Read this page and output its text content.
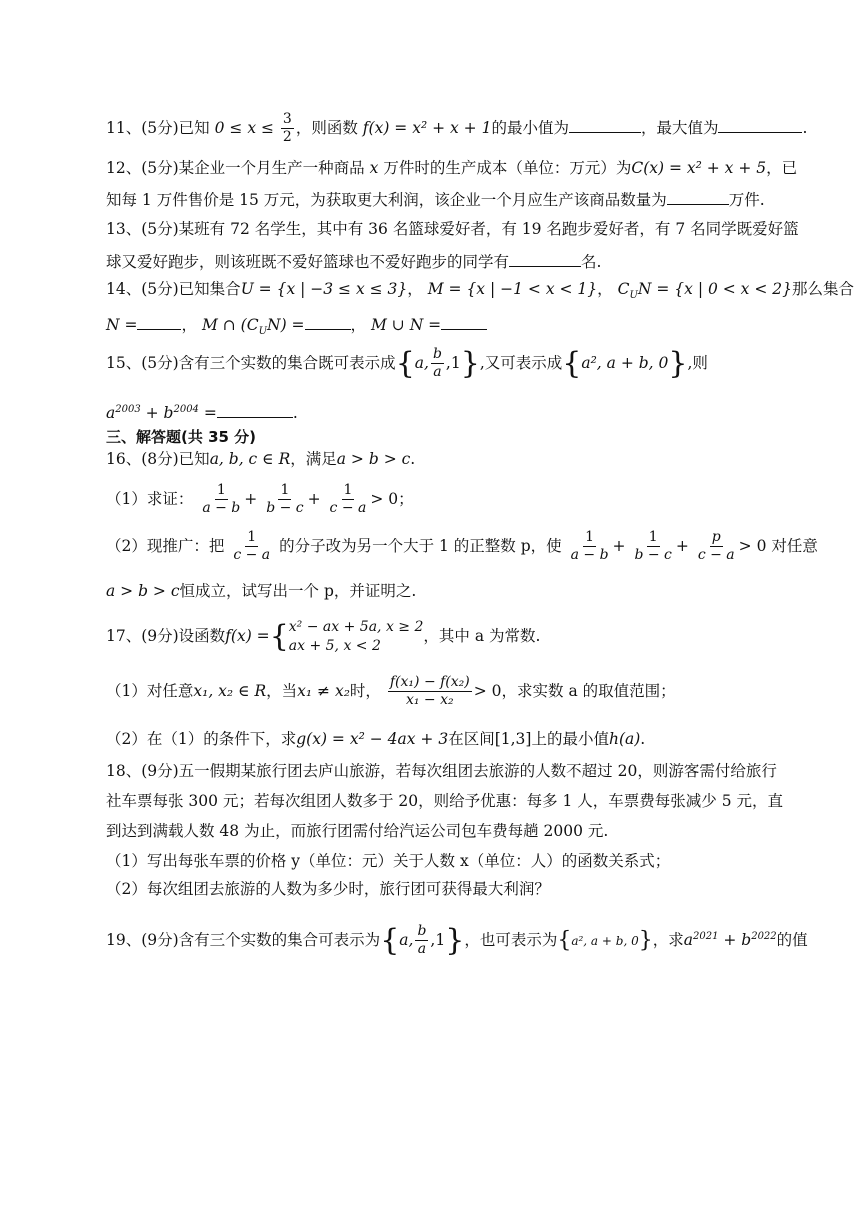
11、(5分)已知 $0 \le x \le \frac{3}{2}$ ，则函数 f(x) = x² + x + 1的最小值为	，最大值为	.
12、(5分)某企业一个月生产一种商品 x 万件时的生产成本（单位：万元）为C(x) = x² + x + 5，已
知每 1 万件售价是 15 万元，为获取更大利润，该企业一个月应生产该商品数量为	万件.
13、(5分)某班有 72 名学生，其中有 36 名篮球爱好者，有 19 名跑步爱好者，有 7 名同学既爱好篮
球又爱好跑步，则该班既不爱好篮球也不爱好跑步的同学有	名.
14、(5分)已知集合U = {x | −3 ≤ x ≤ 3}， M = {x | −1 < x < 1}， $C_UN = \{x$ | 0 < x < 2}那么集合
N =	， M ∩ $(C_UN)$ =	， M ∪ N =
15、(5分)含有三个实数的集合既可表示成{a, $\frac{b}{a} ,1$},又可表示成{a², a + b, 0},则
$a^{2003} + b^{2004}$ =	.
三、解答题(共 35 分)
16、(8分)已知a, b, c ∈ R，满足a > b > c.
（1）求证： $\frac{1}{a - b} + \frac{1}{b - c} + \frac{1}{c - a} > 0$；
（2）现推广：把 $\frac{1}{c - a}$ 的分子改为另一个大于 1 的正整数 p，使 $\frac{1}{a - b} + \frac{1}{b - c} + \frac{p}{c - a} > 0$ 对任意
a > b > c恒成立，试写出一个 p，并证明之.
17、(9分)设函数f(x) ={ x² − ax + 5a, x ≥ 2
ax + 5, x < 2
，其中 a 为常数.
（1）对任意x₁, x₂ ∈ R，当x₁ ≠ x₂时， $\frac{\text{f(x₁) − f(x₂)}}{\text{x₁ − x₂}} > 0$，求实数 a 的取值范围；
（2）在（1）的条件下，求g(x) = x² − 4ax + 3在区间[1,3]上的最小值h(a).
18、(9分)五一假期某旅行团去庐山旅游，若每次组团去旅游的人数不超过 20，则游客需付给旅行
社车票每张 300 元；若每次组团人数多于 20，则给予优惠：每多 1 人，车票费每张减少 5 元，直
到达到满载人数 48 为止，而旅行团需付给汽运公司包车费每趟 2000 元.
（1）写出每张车票的价格 y（单位：元）关于人数 x（单位：人）的函数关系式；
（2）每次组团去旅游的人数为多少时，旅行团可获得最大利润？
19、(9分)含有三个实数的集合可表示为{a, $\frac{b}{a} ,1$}，也可表示为{a², a + b, 0}，求$a^{2021} + b^{2022}$的值
